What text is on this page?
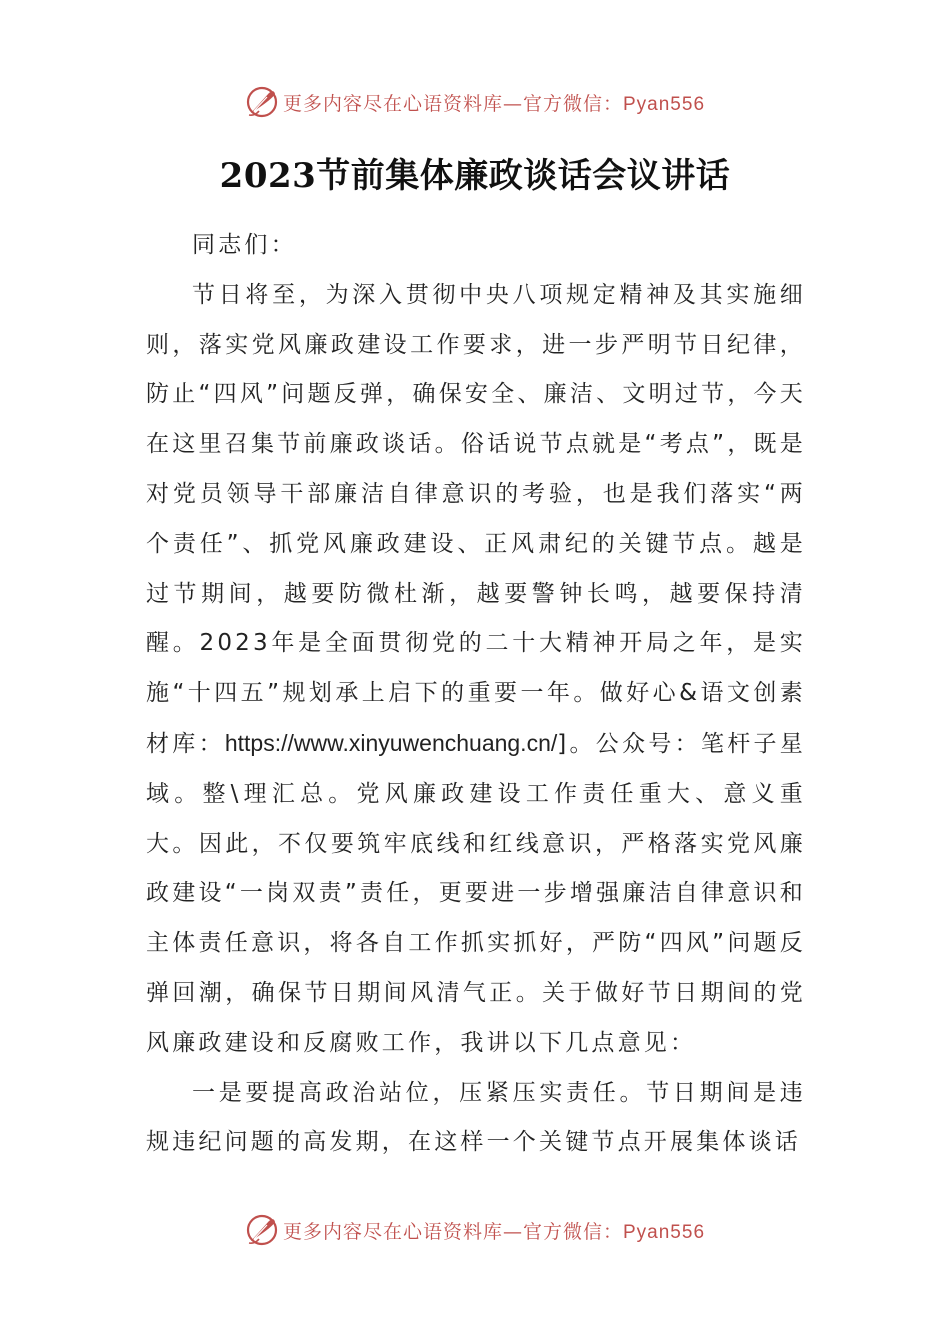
更多内容尽在心语资料库—官方微信：Pyan556
2023节前集体廉政谈话会议讲话

同志们：

节日将至，为深入贯彻中央八项规定精神及其实施细则，落实党风廉政建设工作要求，进一步严明节日纪律，防止“四风”问题反弹，确保安全、廉洁、文明过节，今天在这里召集节前廉政谈话。俗话说节点就是“考点”，既是对党员领导干部廉洁自律意识的考验，也是我们落实“两个责任”、抓党风廉政建设、正风肃纪的关键节点。越是过节期间，越要防微杜渐，越要警钟长鸣，越要保持清醒。2023年是全面贯彻党的二十大精神开局之年，是实施“十四五”规划承上启下的重要一年。做好心&语文创素材库：https://www.xinyuwenchuang.cn/]。公众号：笔杆子星域。整\理汇总。党风廉政建设工作责任重大、意义重大。因此，不仅要筑牢底线和红线意识，严格落实党风廉政建设“一岗双责”责任，更要进一步增强廉洁自律意识和主体责任意识，将各自工作抓实抓好，严防“四风”问题反弹回潮，确保节日期间风清气正。关于做好节日期间的党风廉政建设和反腐败工作，我讲以下几点意见：

一是要提高政治站位，压紧压实责任。节日期间是违规违纪问题的高发期，在这样一个关键节点开展集体谈话

更多内容尽在心语资料库—官方微信：Pyan556
